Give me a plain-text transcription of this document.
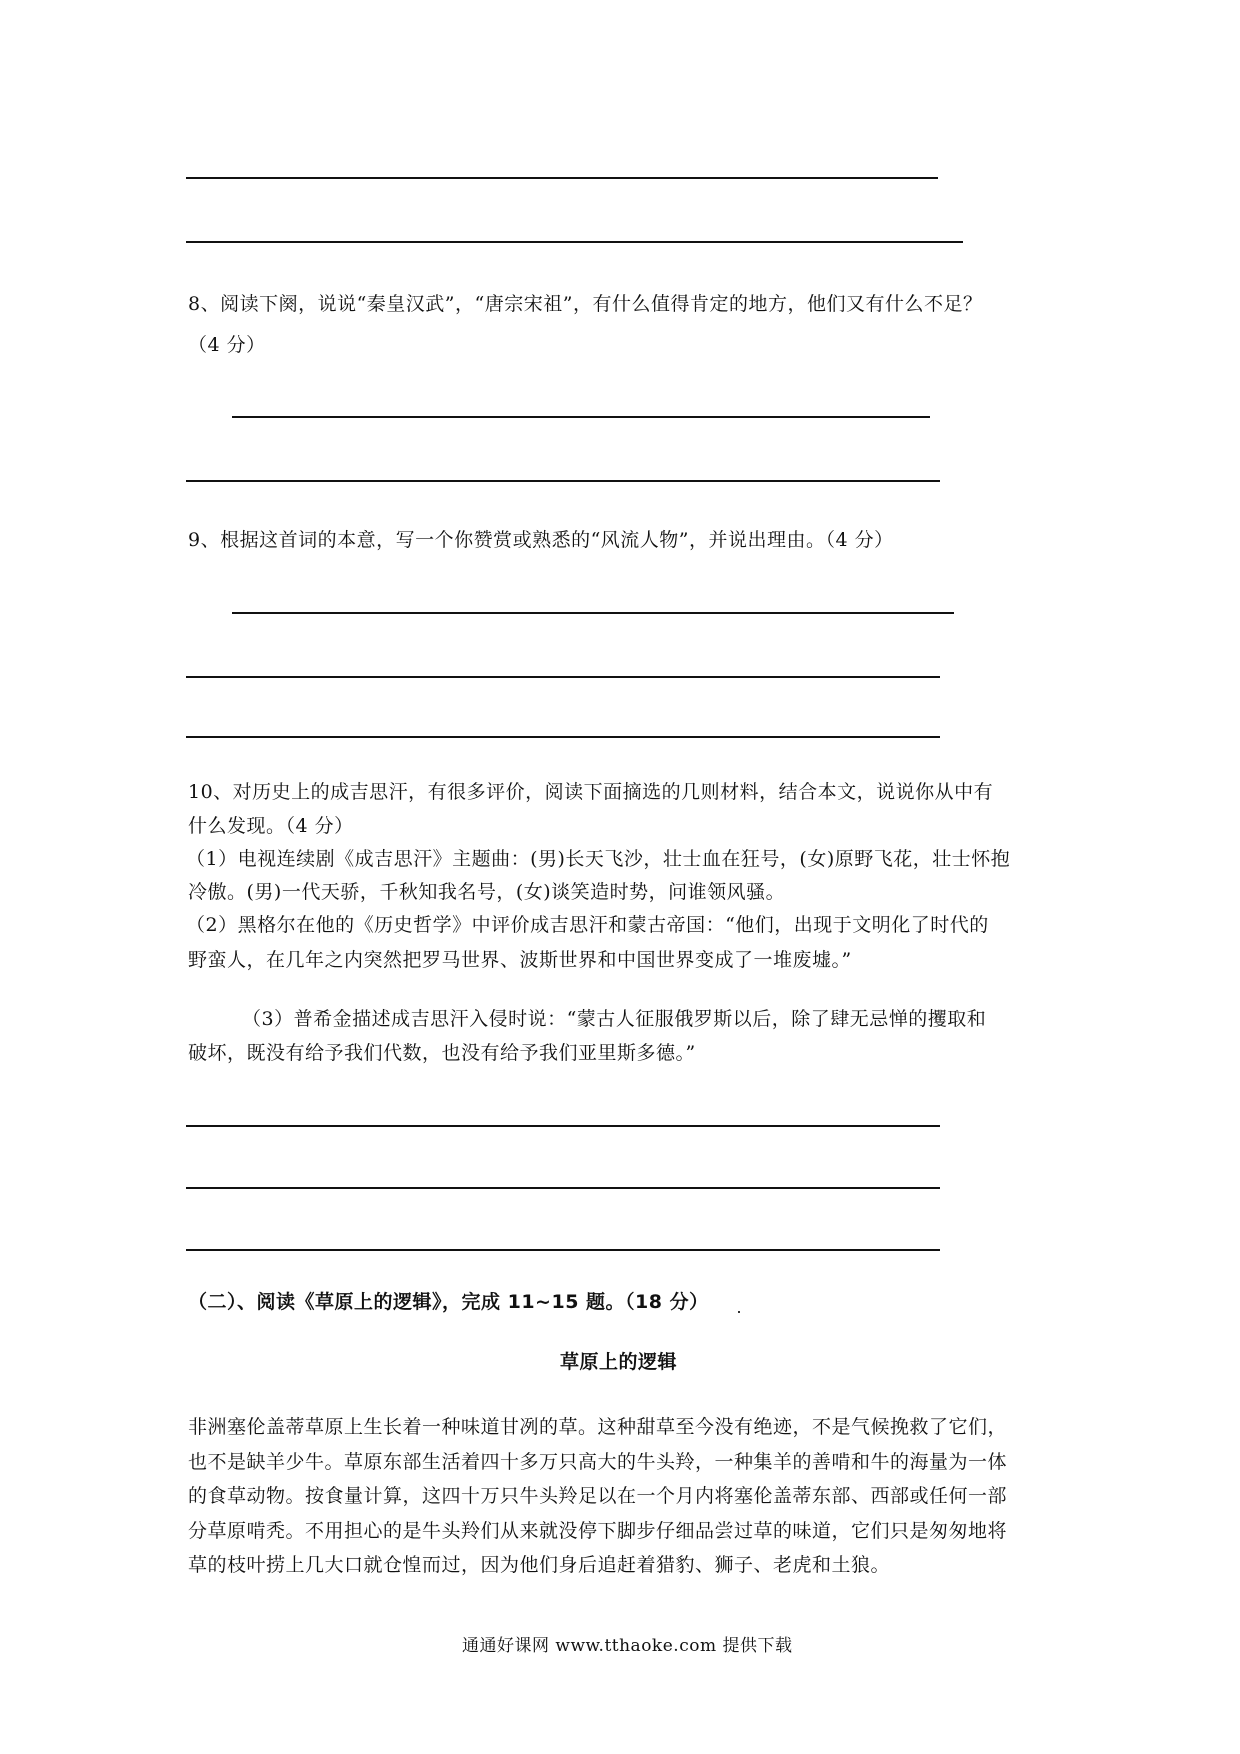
8、阅读下阕，说说“秦皇汉武”，“唐宗宋祖”，有什么值得肯定的地方，他们又有什么不足？
（4 分）
9、根据这首词的本意，写一个你赞赏或熟悉的“风流人物”，并说出理由。（4 分）
10、对历史上的成吉思汗，有很多评价，阅读下面摘选的几则材料，结合本文，说说你从中有
什么发现。（4 分）
（1）电视连续剧《成吉思汗》主题曲：(男)长天飞沙，壮士血在狂号，(女)原野飞花，壮士怀抱
冷傲。(男)一代天骄，千秋知我名号，(女)谈笑造时势，问谁领风骚。
（2）黑格尔在他的《历史哲学》中评价成吉思汗和蒙古帝国：“他们，出现于文明化了时代的
野蛮人，在几年之内突然把罗马世界、波斯世界和中国世界变成了一堆废墟。”
（3）普希金描述成吉思汗入侵时说：“蒙古人征服俄罗斯以后，除了肆无忌惮的攫取和
破坏，既没有给予我们代数，也没有给予我们亚里斯多德。”
（二）、阅读《草原上的逻辑》，完成 11~15 题。（18 分）
草原上的逻辑
非洲塞伦盖蒂草原上生长着一种味道甘冽的草。这种甜草至今没有绝迹，不是气候挽救了它们，
也不是缺羊少牛。草原东部生活着四十多万只高大的牛头羚，一种集羊的善啃和牛的海量为一体
的食草动物。按食量计算，这四十万只牛头羚足以在一个月内将塞伦盖蒂东部、西部或任何一部
分草原啃秃。不用担心的是牛头羚们从来就没停下脚步仔细品尝过草的味道，它们只是匆匆地将
草的枝叶捞上几大口就仓惶而过，因为他们身后追赶着猎豹、狮子、老虎和土狼。
通通好课网 www.tthaoke.com 提供下载
